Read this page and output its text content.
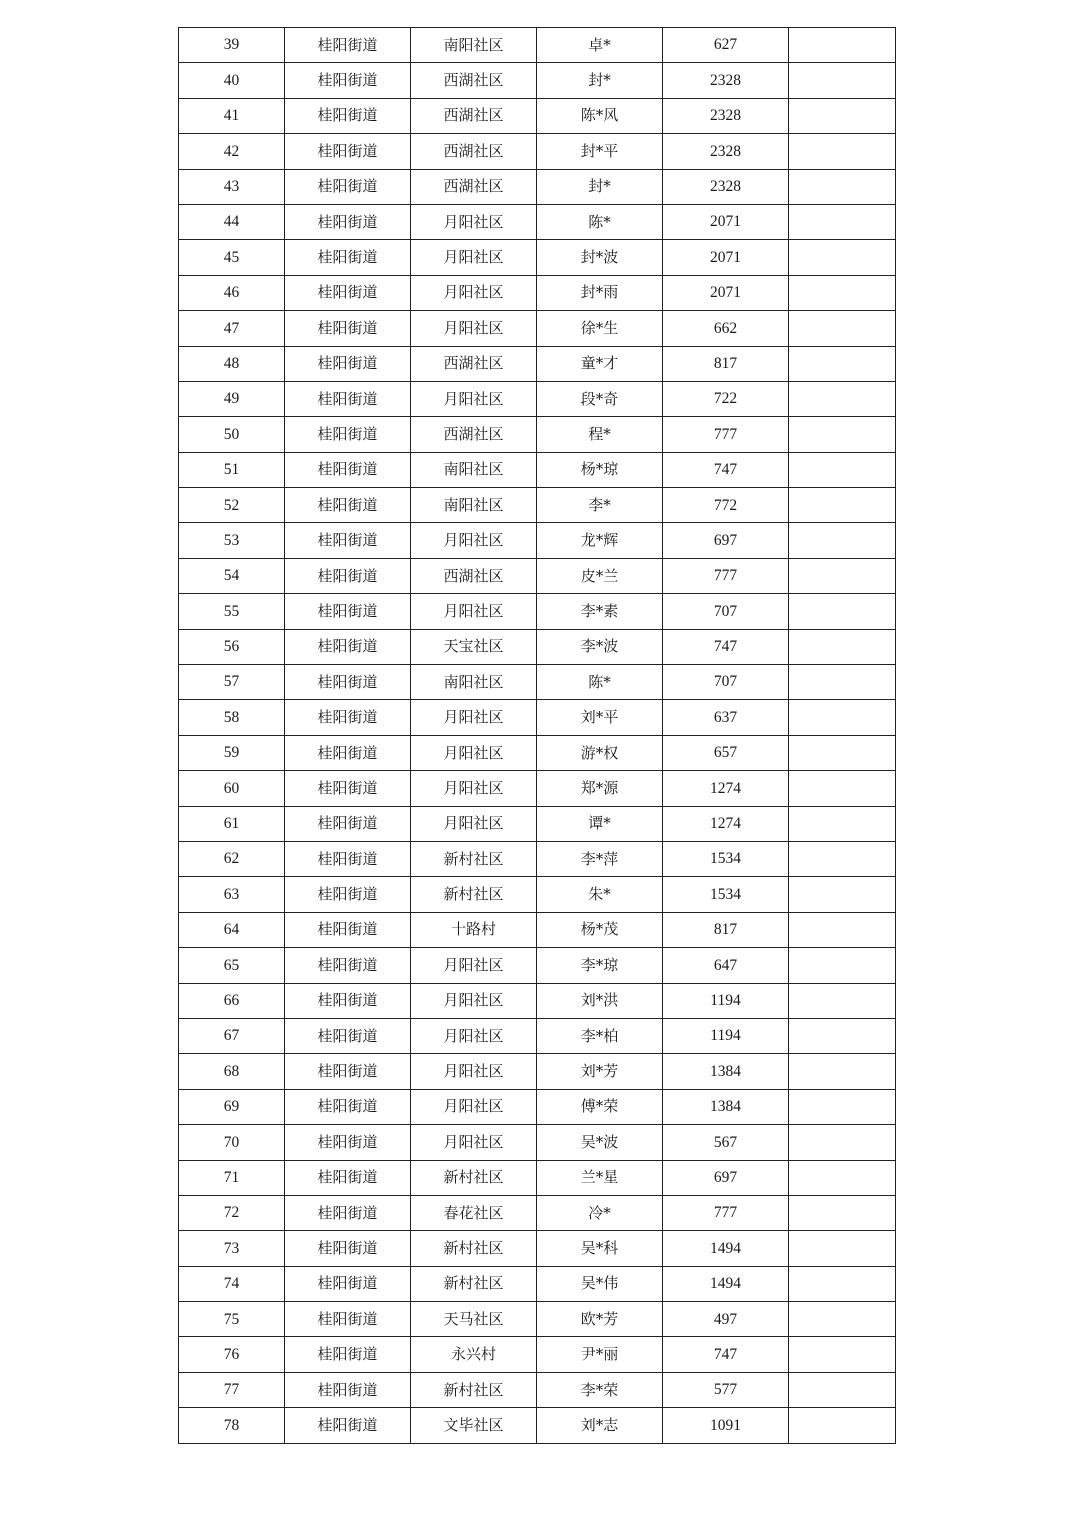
39	桂阳街道	南阳社区	卓*	627	
40	桂阳街道	西湖社区	封*	2328	
41	桂阳街道	西湖社区	陈*风	2328	
42	桂阳街道	西湖社区	封*平	2328	
43	桂阳街道	西湖社区	封*	2328	
44	桂阳街道	月阳社区	陈*	2071	
45	桂阳街道	月阳社区	封*波	2071	
46	桂阳街道	月阳社区	封*雨	2071	
47	桂阳街道	月阳社区	徐*生	662	
48	桂阳街道	西湖社区	童*才	817	
49	桂阳街道	月阳社区	段*奇	722	
50	桂阳街道	西湖社区	程*	777	
51	桂阳街道	南阳社区	杨*琼	747	
52	桂阳街道	南阳社区	李*	772	
53	桂阳街道	月阳社区	龙*辉	697	
54	桂阳街道	西湖社区	皮*兰	777	
55	桂阳街道	月阳社区	李*素	707	
56	桂阳街道	天宝社区	李*波	747	
57	桂阳街道	南阳社区	陈*	707	
58	桂阳街道	月阳社区	刘*平	637	
59	桂阳街道	月阳社区	游*权	657	
60	桂阳街道	月阳社区	郑*源	1274	
61	桂阳街道	月阳社区	谭*	1274	
62	桂阳街道	新村社区	李*萍	1534	
63	桂阳街道	新村社区	朱*	1534	
64	桂阳街道	十路村	杨*茂	817	
65	桂阳街道	月阳社区	李*琼	647	
66	桂阳街道	月阳社区	刘*洪	1194	
67	桂阳街道	月阳社区	李*柏	1194	
68	桂阳街道	月阳社区	刘*芳	1384	
69	桂阳街道	月阳社区	傅*荣	1384	
70	桂阳街道	月阳社区	吴*波	567	
71	桂阳街道	新村社区	兰*星	697	
72	桂阳街道	春花社区	冷*	777	
73	桂阳街道	新村社区	吴*科	1494	
74	桂阳街道	新村社区	吴*伟	1494	
75	桂阳街道	天马社区	欧*芳	497	
76	桂阳街道	永兴村	尹*丽	747	
77	桂阳街道	新村社区	李*荣	577	
78	桂阳街道	文毕社区	刘*志	1091	
